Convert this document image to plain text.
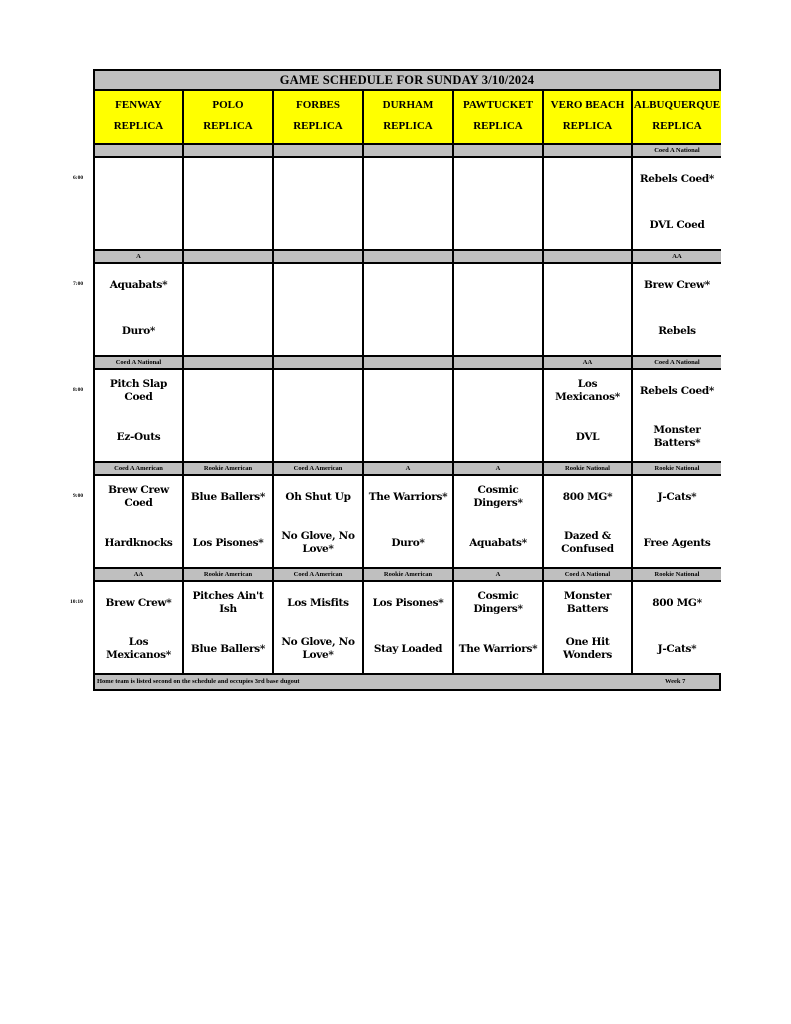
6:00
7:00
8:00
9:00
10:10
GAME SCHEDULE FOR SUNDAY 3/10/2024
Home team is listed second on the schedule and occupies 3rd base dugout	Week 7
FENWAY
REPLICA
POLO
REPLICA
FORBES
REPLICA
DURHAM
REPLICA
PAWTUCKET
REPLICA
VERO BEACH
REPLICA
ALBUQUERQUE
REPLICA
Coed A National
Rebels Coed*
DVL Coed
A
Aquabats*
Duro*
AA
Brew Crew*
Rebels
Coed A National
Pitch Slap Coed
Ez-Outs
AA
Los Mexicanos*
DVL
Coed A National
Rebels Coed*
Monster Batters*
Coed A American
Brew Crew Coed
Hardknocks
Rookie American
Blue Ballers*
Los Pisones*
Coed A American
Oh Shut Up
No Glove, No Love*
A
The Warriors*
Duro*
A
Cosmic Dingers*
Aquabats*
Rookie National
800 MG*
Dazed & Confused
Rookie National
J-Cats*
Free Agents
AA
Brew Crew*
Los Mexicanos*
Rookie American
Pitches Ain't Ish
Blue Ballers*
Coed A American
Los Misfits
No Glove, No Love*
Rookie American
Los Pisones*
Stay Loaded
A
Cosmic Dingers*
The Warriors*
Coed A National
Monster Batters
One Hit Wonders
Rookie National
800 MG*
J-Cats*
